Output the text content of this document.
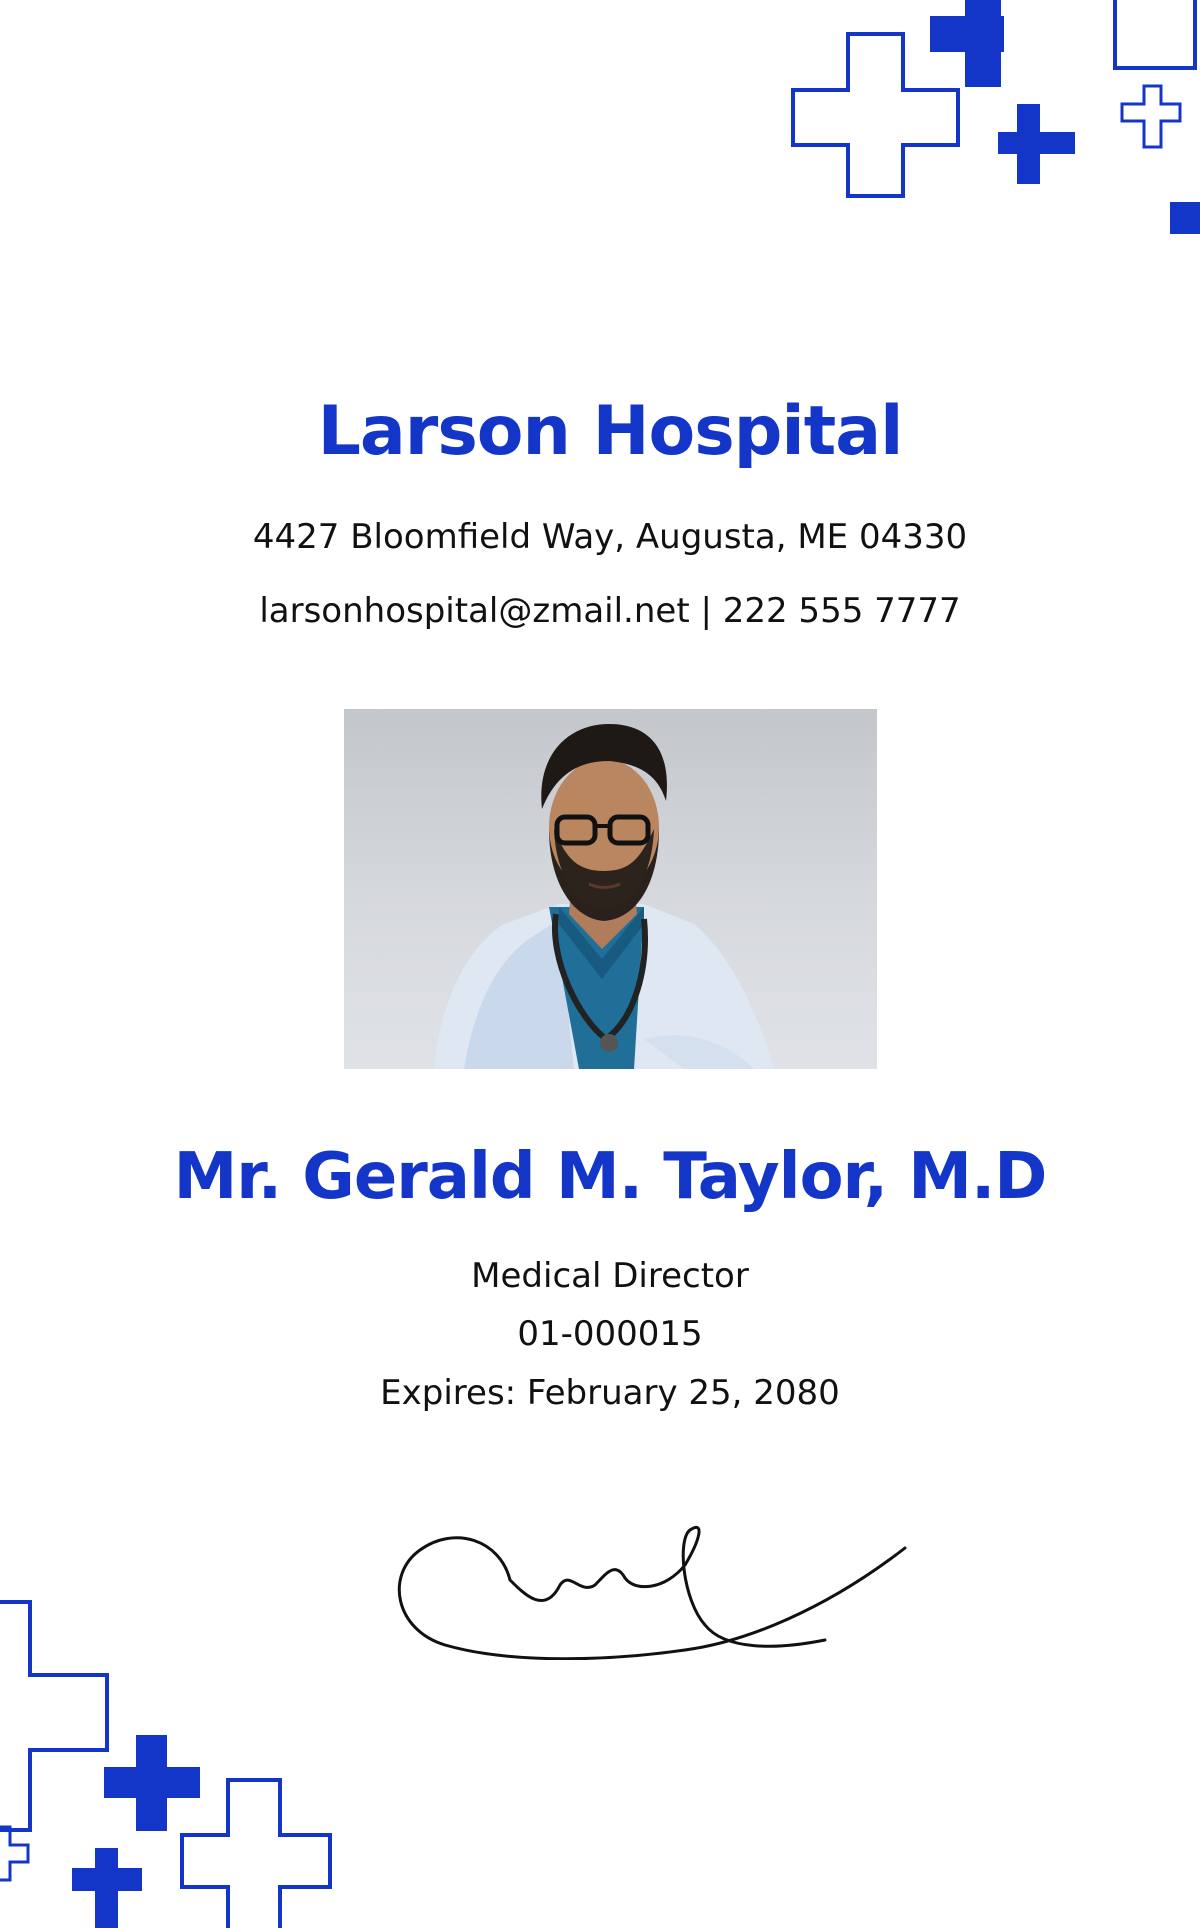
Larson Hospital
4427 Bloomfield Way, Augusta, ME 04330
larsonhospital@zmail.net | 222 555 7777
Mr. Gerald M. Taylor, M.D
Medical Director
01-000015
Expires: February 25, 2080
